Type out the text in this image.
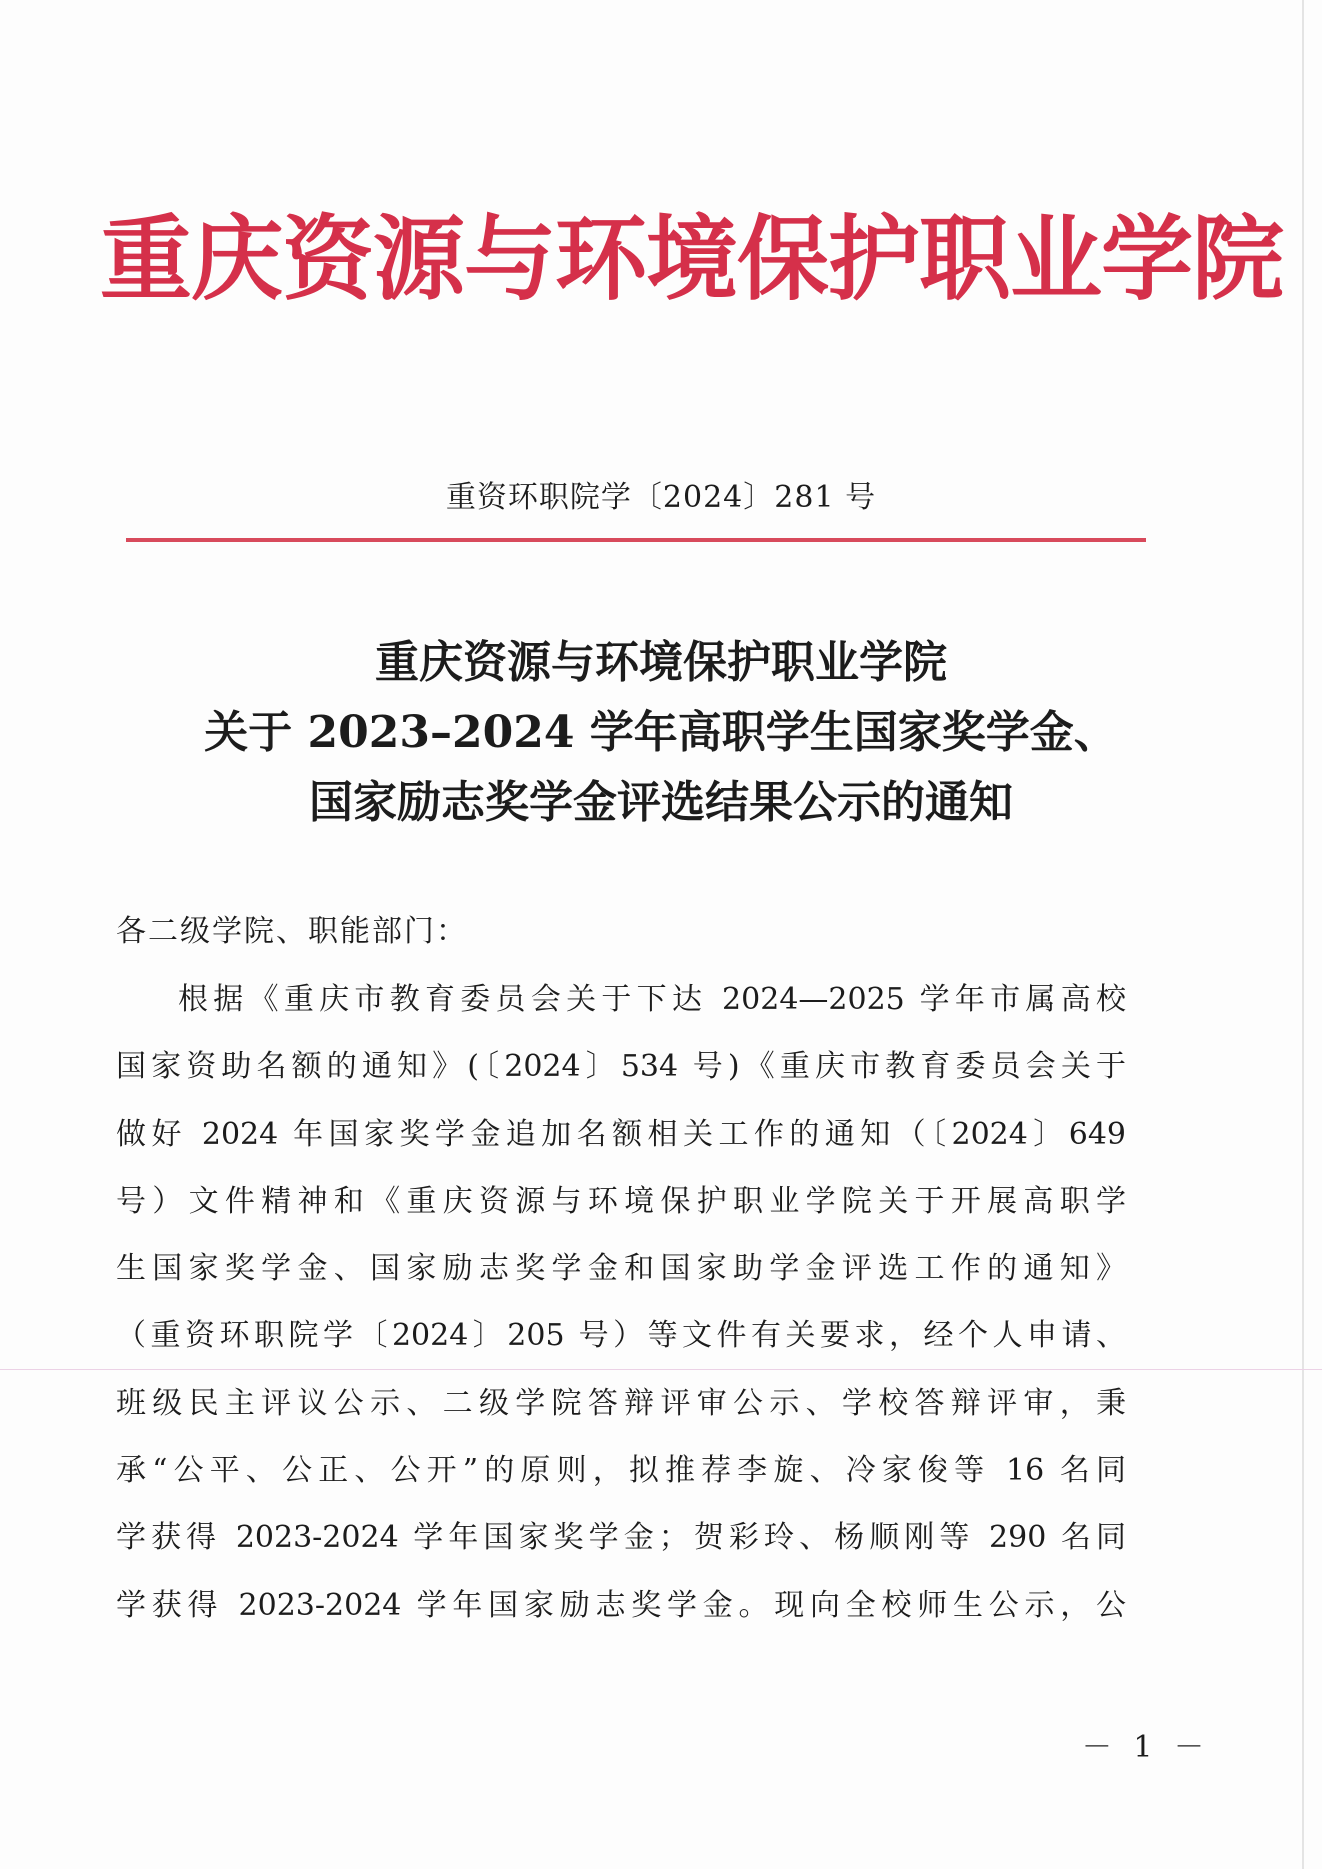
重庆资源与环境保护职业学院
重资环职院学〔2024〕281 号
重庆资源与环境保护职业学院
关于 2023–2024 学年高职学生国家奖学金、
国家励志奖学金评选结果公示的通知

各二级学院、职能部门：

根据《重庆市教育委员会关于下达 2024—2025 学年市属高校

国家资助名额的通知》(〔2024〕534 号)《重庆市教育委员会关于

做好 2024 年国家奖学金追加名额相关工作的通知（〔2024〕649

号）文件精神和《重庆资源与环境保护职业学院关于开展高职学

生国家奖学金、国家励志奖学金和国家助学金评选工作的通知》

（重资环职院学〔2024〕205 号）等文件有关要求，经个人申请、

班级民主评议公示、二级学院答辩评审公示、学校答辩评审，秉

承“公平、公正、公开”的原则，拟推荐李旋、冷家俊等 16 名同

学获得 2023-2024 学年国家奖学金；贺彩玲、杨顺刚等 290 名同

学获得 2023-2024 学年国家励志奖学金。现向全校师生公示，公

－ 1 －
